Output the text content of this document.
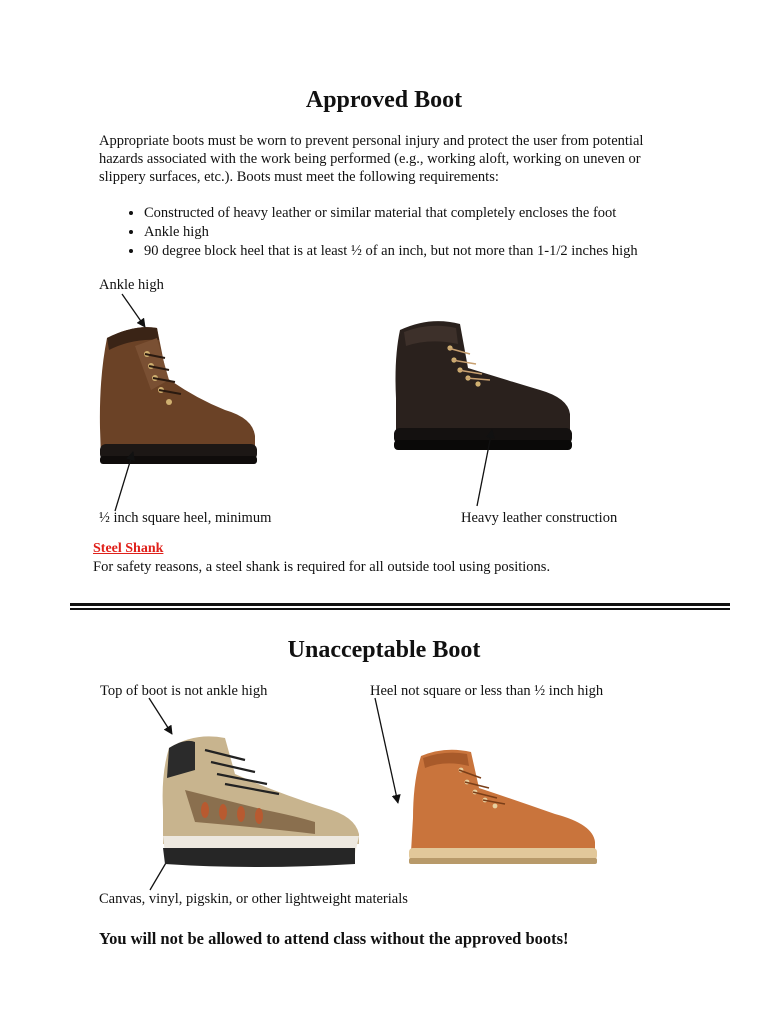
Approved Boot
Appropriate boots must be worn to prevent personal injury and protect the user from potential hazards associated with the work being performed (e.g., working aloft, working on uneven or slippery surfaces, etc.). Boots must meet the following requirements:
• Constructed of heavy leather or similar material that completely encloses the foot
• Ankle high
• 90 degree block heel that is at least ½ of an inch, but not more than 1-1/2 inches high
Ankle high
½ inch square heel, minimum	Heavy leather construction
Steel Shank
For safety reasons, a steel shank is required for all outside tool using positions.
Unacceptable Boot
Top of boot is not ankle high	Heel not square or less than ½ inch high
Canvas, vinyl, pigskin, or other lightweight materials
You will not be allowed to attend class without the approved boots!
